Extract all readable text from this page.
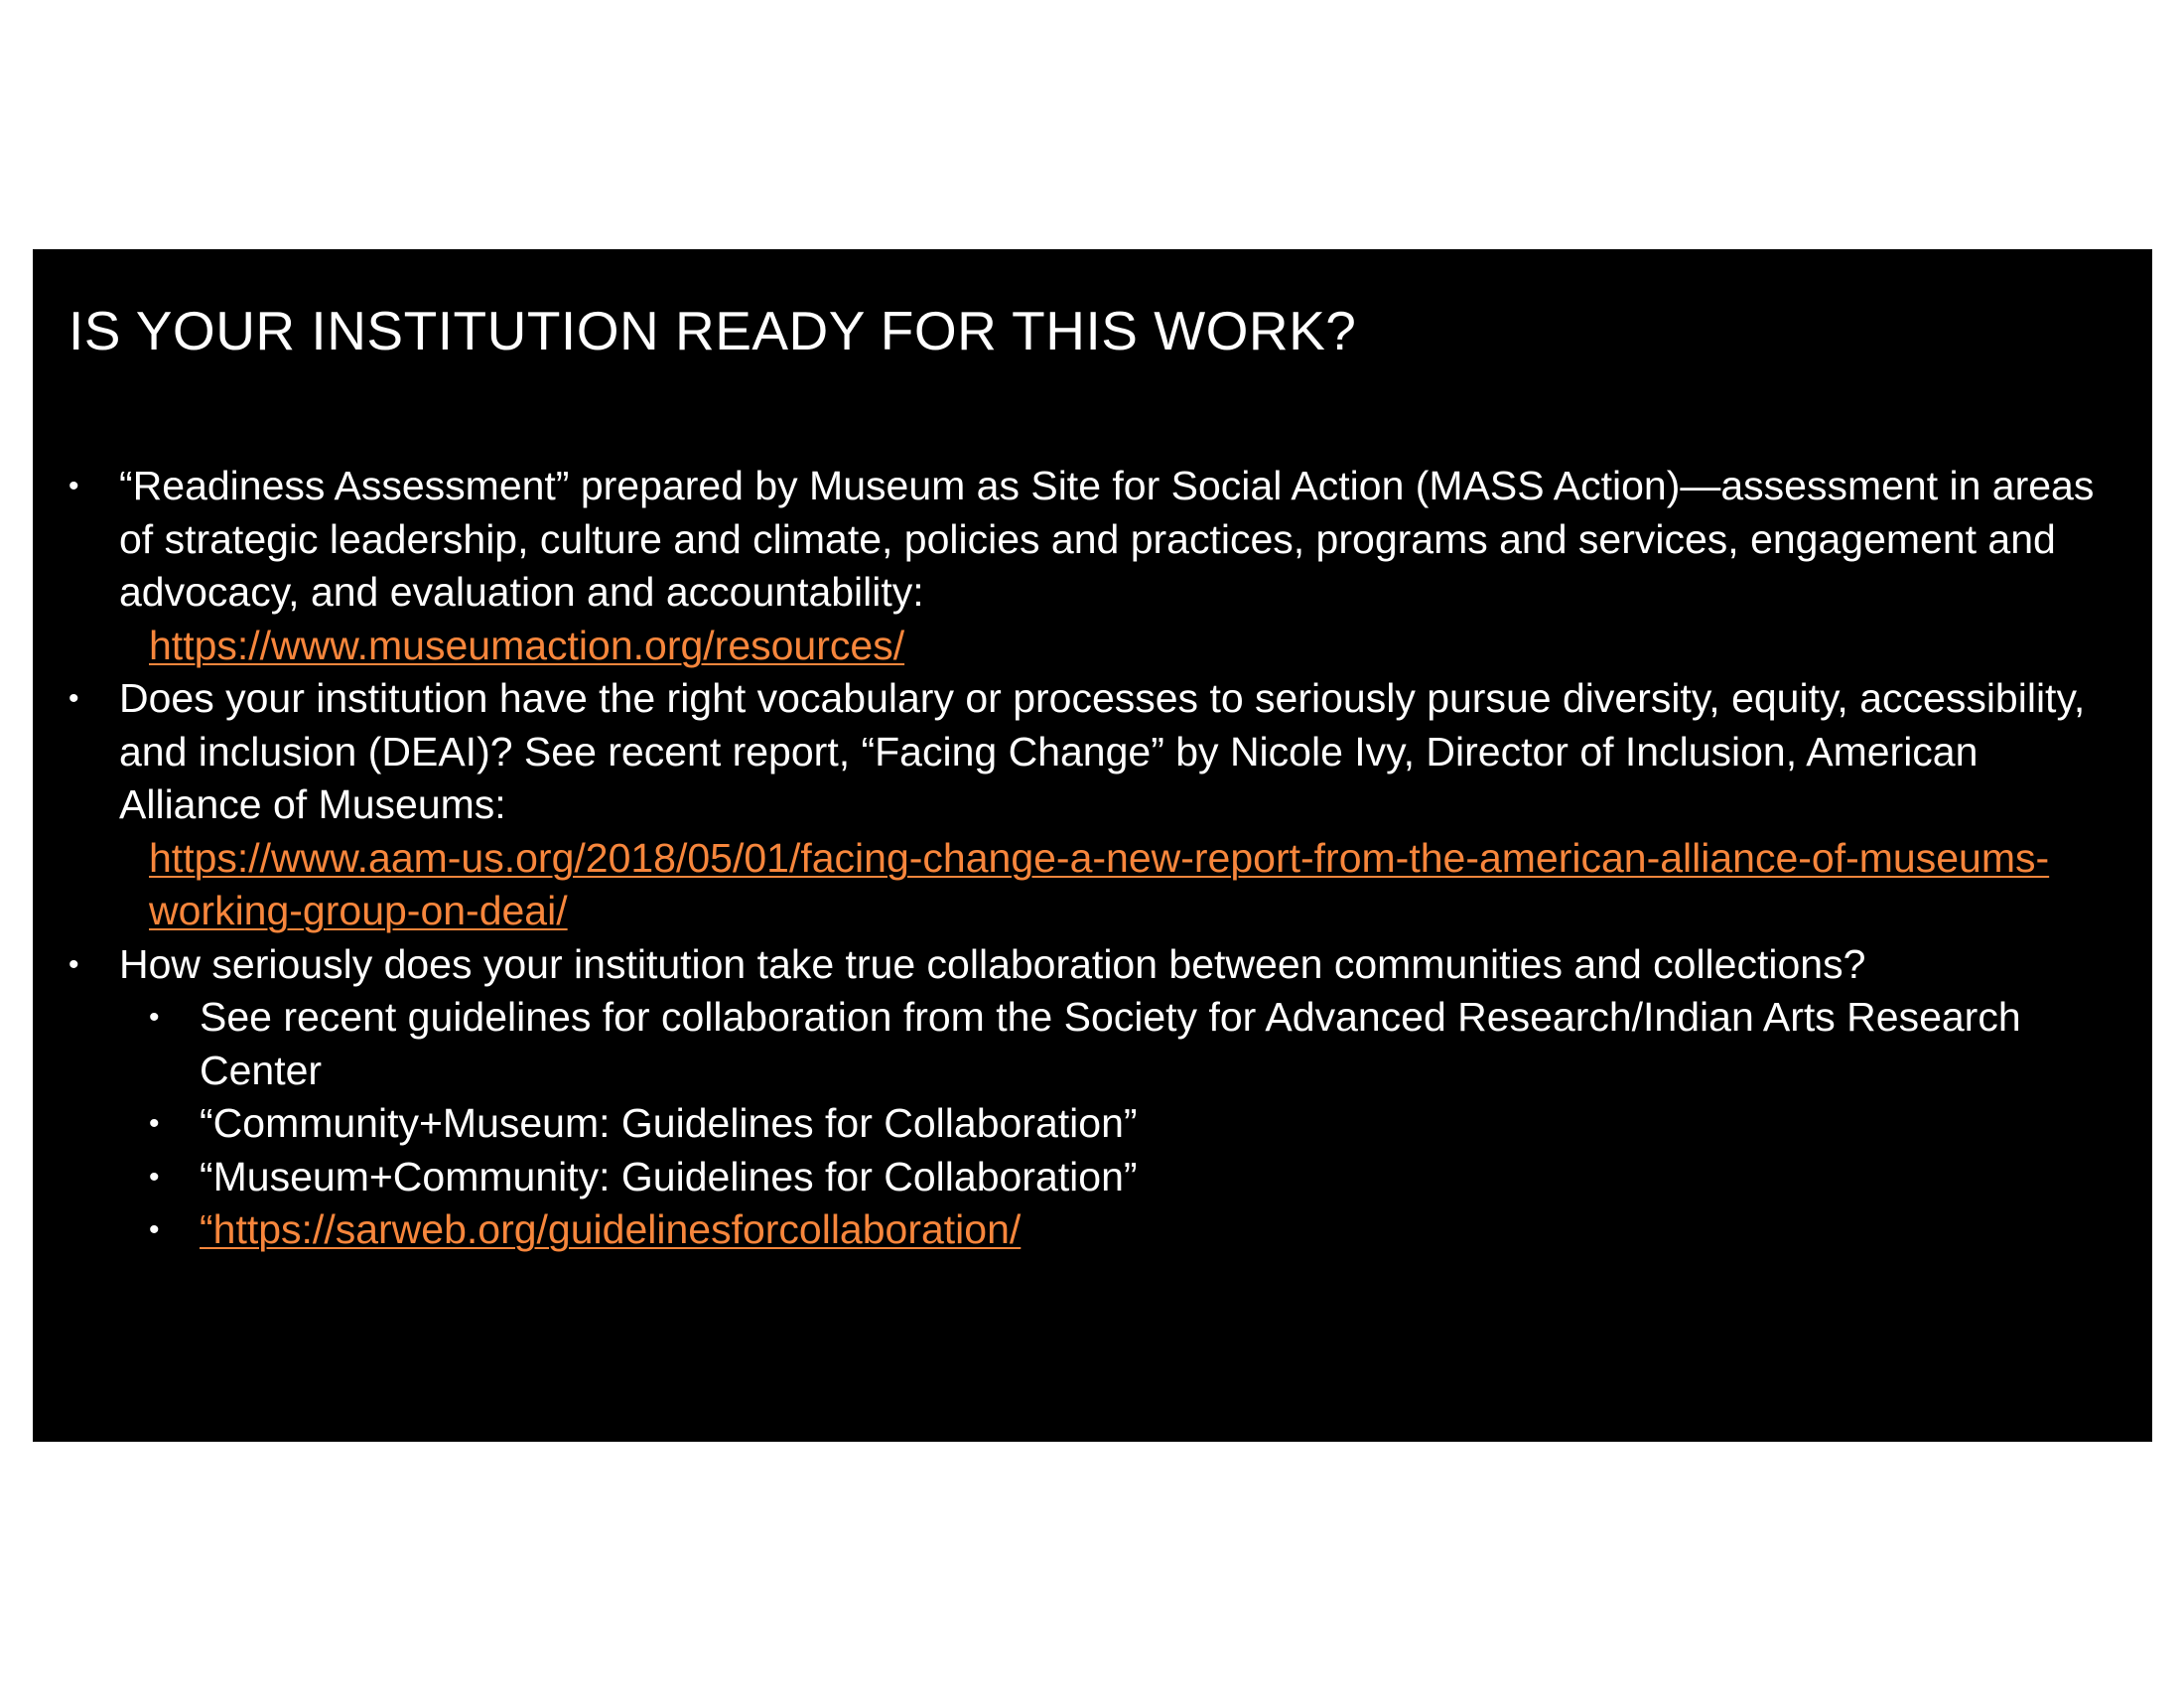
IS YOUR INSTITUTION READY FOR THIS WORK?
• “Readiness Assessment” prepared by Museum as Site for Social Action (MASS Action)—assessment in areas of strategic leadership, culture and climate, policies and practices, programs and services, engagement and advocacy, and evaluation and accountability:
https://www.museumaction.org/resources/
• Does your institution have the right vocabulary or processes to seriously pursue diversity, equity, accessibility, and inclusion (DEAI)? See recent report, “Facing Change” by Nicole Ivy, Director of Inclusion, American Alliance of Museums:
https://www.aam-us.org/2018/05/01/facing-change-a-new-report-from-the-american-alliance-of-museums-working-group-on-deai/
• How seriously does your institution take true collaboration between communities and collections?
• See recent guidelines for collaboration from the Society for Advanced Research/Indian Arts Research Center
• “Community+Museum: Guidelines for Collaboration”
• “Museum+Community: Guidelines for Collaboration”
• “https://sarweb.org/guidelinesforcollaboration/
